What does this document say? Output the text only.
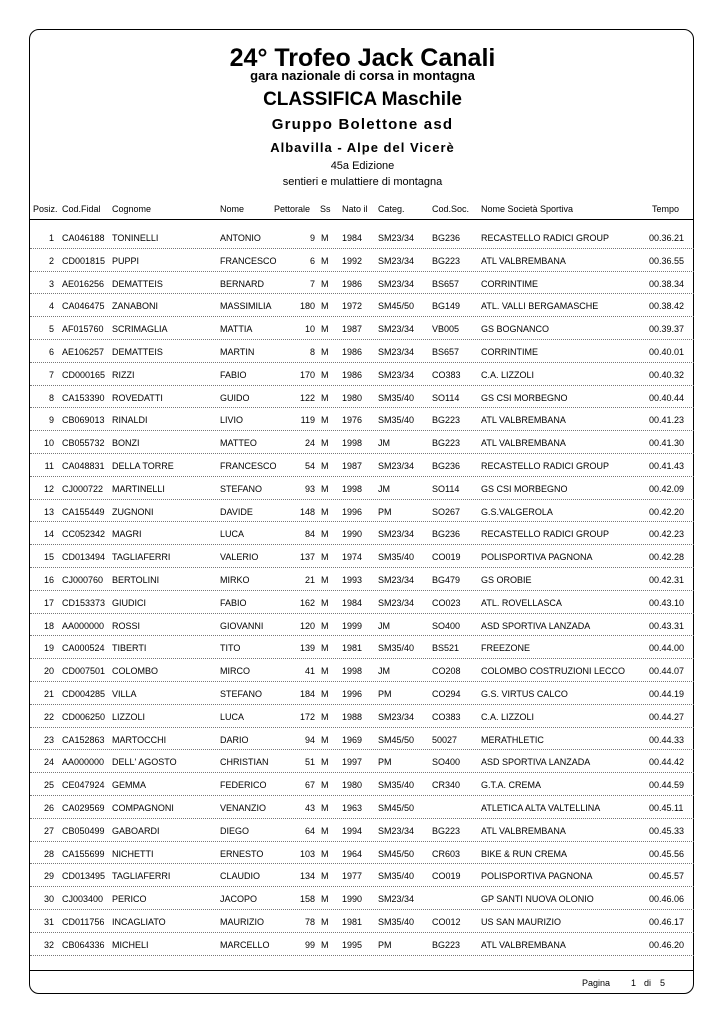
24° Trofeo Jack Canali
gara nazionale di corsa in montagna
CLASSIFICA Maschile
Gruppo Bolettone asd
Albavilla - Alpe del Vicerè
45a Edizione
sentieri e mulattiere di montagna
Posiz. Cod.Fidal Cognome	Nome	Pettorale Ss Nato il Categ.	Cod.Soc. Nome Società Sportiva	Tempo
1 CA046188 TONINELLI	ANTONIO	9 M 1984 SM23/34 BG236 RECASTELLO RADICI GROUP	00.36.21
2 CD001815 PUPPI	FRANCESCO	6 M 1992 SM23/34 BG223 ATL VALBREMBANA	00.36.55
3 AE016256 DEMATTEIS	BERNARD	7 M 1986 SM23/34 BS657 CORRINTIME	00.38.34
4 CA046475 ZANABONI	MASSIMILIA	180 M 1972 SM45/50 BG149 ATL. VALLI BERGAMASCHE	00.38.42
5 AF015760 SCRIMAGLIA	MATTIA	10 M 1987 SM23/34 VB005 GS BOGNANCO	00.39.37
6 AE106257 DEMATTEIS	MARTIN	8 M 1986 SM23/34 BS657 CORRINTIME	00.40.01
7 CD000165 RIZZI	FABIO	170 M 1986 SM23/34 CO383 C.A. LIZZOLI	00.40.32
8 CA153390 ROVEDATTI	GUIDO	122 M 1980 SM35/40 SO114 GS CSI MORBEGNO	00.40.44
9 CB069013 RINALDI	LIVIO	119 M 1976 SM35/40 BG223 ATL VALBREMBANA	00.41.23
10 CB055732 BONZI	MATTEO	24 M 1998 JM	BG223 ATL VALBREMBANA	00.41.30
11 CA048831 DELLA TORRE	FRANCESCO	54 M 1987 SM23/34 BG236 RECASTELLO RADICI GROUP	00.41.43
12 CJ000722 MARTINELLI	STEFANO	93 M 1998 JM	SO114 GS CSI MORBEGNO	00.42.09
13 CA155449 ZUGNONI	DAVIDE	148 M 1996 PM	SO267 G.S.VALGEROLA	00.42.20
14 CC052342 MAGRI	LUCA	84 M 1990 SM23/34 BG236 RECASTELLO RADICI GROUP	00.42.23
15 CD013494 TAGLIAFERRI	VALERIO	137 M 1974 SM35/40 CO019 POLISPORTIVA PAGNONA	00.42.28
16 CJ000760 BERTOLINI	MIRKO	21 M 1993 SM23/34 BG479 GS OROBIE	00.42.31
17 CD153373 GIUDICI	FABIO	162 M 1984 SM23/34 CO023 ATL. ROVELLASCA	00.43.10
18 AA000000 ROSSI	GIOVANNI	120 M 1999 JM	SO400 ASD SPORTIVA LANZADA	00.43.31
19 CA000524 TIBERTI	TITO	139 M 1981 SM35/40 BS521 FREEZONE	00.44.00
20 CD007501 COLOMBO	MIRCO	41 M 1998 JM	CO208 COLOMBO COSTRUZIONI LECCO	00.44.07
21 CD004285 VILLA	STEFANO	184 M 1996 PM	CO294 G.S. VIRTUS CALCO	00.44.19
22 CD006250 LIZZOLI	LUCA	172 M 1988 SM23/34 CO383 C.A. LIZZOLI	00.44.27
23 CA152863 MARTOCCHI	DARIO	94 M 1969 SM45/50 50027	MERATHLETIC	00.44.33
24 AA000000 DELL' AGOSTO	CHRISTIAN	51 M 1997 PM	SO400 ASD SPORTIVA LANZADA	00.44.42
25 CE047924 GEMMA	FEDERICO	67 M 1980 SM35/40 CR340 G.T.A. CREMA	00.44.59
26 CA029569 COMPAGNONI	VENANZIO	43 M 1963 SM45/50	ATLETICA ALTA VALTELLINA	00.45.11
27 CB050499 GABOARDI	DIEGO	64 M 1994 SM23/34 BG223 ATL VALBREMBANA	00.45.33
28 CA155699 NICHETTI	ERNESTO	103 M 1964 SM45/50 CR603 BIKE & RUN CREMA	00.45.56
29 CD013495 TAGLIAFERRI	CLAUDIO	134 M 1977 SM35/40 CO019 POLISPORTIVA PAGNONA	00.45.57
30 CJ003400 PERICO	JACOPO	158 M 1990 SM23/34	GP SANTI NUOVA OLONIO	00.46.06
31 CD011756 INCAGLIATO	MAURIZIO	78 M 1981 SM35/40 CO012 US SAN MAURIZIO	00.46.17
32 CB064336 MICHELI	MARCELLO	99 M 1995 PM	BG223 ATL VALBREMBANA	00.46.20
Pagina 1 di 5
